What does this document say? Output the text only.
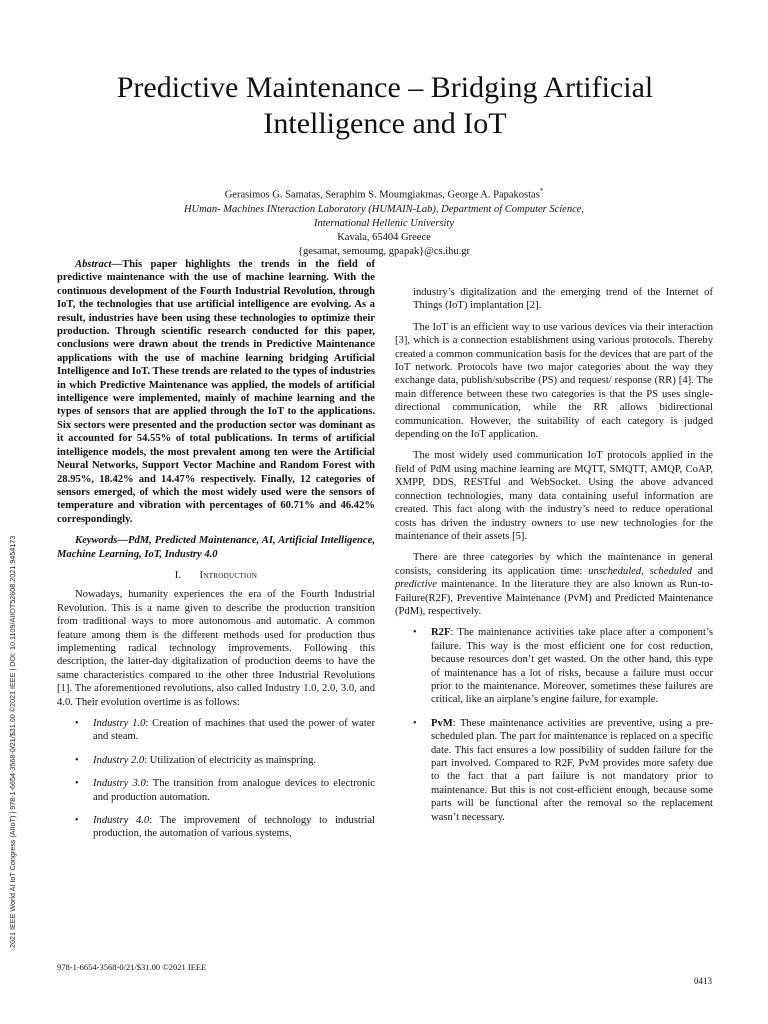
Predictive Maintenance – Bridging Artificial Intelligence and IoT
Gerasimos G. Samatas, Seraphim S. Moumgiakmas, George A. Papakostas*
HUman- Machines INteraction Laboratory (HUMAIN-Lab), Department of Computer Science,
International Hellenic University
Kavala, 65404 Greece
{gesamat, semoumg, gpapak}@cs.ihu.gr
2021 IEEE World AI IoT Congress (AIIoT) | 978-1-6654-3568-0/21/$31.00 ©2021 IEEE | DOI: 10.1109/AIIOT52608.2021.9454173

Abstract—This paper highlights the trends in the field of predictive maintenance with the use of machine learning. With the continuous development of the Fourth Industrial Revolution, through IoT, the technologies that use artificial intelligence are evolving. As a result, industries have been using these technologies to optimize their production. Through scientific research conducted for this paper, conclusions were drawn about the trends in Predictive Maintenance applications with the use of machine learning bridging Artificial Intelligence and IoT. These trends are related to the types of industries in which Predictive Maintenance was applied, the models of artificial intelligence were implemented, mainly of machine learning and the types of sensors that are applied through the IoT to the applications. Six sectors were presented and the production sector was dominant as it accounted for 54.55% of total publications. In terms of artificial intelligence models, the most prevalent among ten were the Artificial Neural Networks, Support Vector Machine and Random Forest with 28.95%, 18.42% and 14.47% respectively. Finally, 12 categories of sensors emerged, of which the most widely used were the sensors of temperature and vibration with percentages of 60.71% and 46.42% correspondingly.

Keywords—PdM, Predicted Maintenance, AI, Artificial Intelligence, Machine Learning, IoT, Industry 4.0

I. Introduction

Nowadays, humanity experiences the era of the Fourth Industrial Revolution. This is a name given to describe the production transition from traditional ways to more autonomous and automatic. A common feature among them is the different methods used for production thus implementing radical technology improvements. Following this description, the latter-day digitalization of production deems to have the same characteristics compared to the other three Industrial Revolutions [1]. The aforementioned revolutions, also called Industry 1.0, 2.0, 3.0, and 4.0. Their evolution overtime is as follows:

• Industry 1.0: Creation of machines that used the power of water and steam.
• Industry 2.0: Utilization of electricity as mainspring.
• Industry 3.0: The transition from analogue devices to electronic and production automation.
• Industry 4.0: The improvement of technology to industrial production, the automation of various systems,

industry’s digitalization and the emerging trend of the Internet of Things (IoT) implantation [2].

The IoT is an efficient way to use various devices via their interaction [3], which is a connection establishment using various protocols. Thereby created a common communication basis for the devices that are part of the IoT network. Protocols have two major categories about the way they exchange data, publish/subscribe (PS) and request/ response (RR) [4]. The main difference between these two categories is that the PS uses single-directional communication, while the RR allows bidirectional communication. However, the suitability of each category is judged depending on the IoT application.

The most widely used communication IoT protocols applied in the field of PdM using machine learning are MQTT, SMQTT, AMQP, CoAP, XMPP, DDS, RESTful and WebSocket. Using the above advanced connection technologies, many data containing useful information are created. This fact along with the industry’s need to reduce operational costs has driven the industry owners to use new technologies for the maintenance of their assets [5].

There are three categories by which the maintenance in general consists, considering its application time: unscheduled, scheduled and predictive maintenance. In the literature they are also known as Run-to-Failure(R2F), Preventive Maintenance (PvM) and Predicted Maintenance (PdM), respectively.

• R2F: The maintenance activities take place after a component’s failure. This way is the most efficient one for cost reduction, because resources don’t get wasted. On the other hand, this type of maintenance has a lot of risks, because a failure must occur prior to the maintenance. Moreover, sometimes these failures are critical, like an airplane’s engine failure, for example.
• PvM: These maintenance activities are preventive, using a pre-scheduled plan. The part for maintenance is replaced on a specific date. This fact ensures a low possibility of sudden failure for the part involved. Compared to R2F, PvM provides more safety due to the fact that a part failure is not mandatory prior to maintenance. But this is not cost-efficient enough, because some parts will be functional after the removal so the replacement wasn’t necessary.
978-1-6654-3568-0/21/$31.00 ©2021 IEEE
0413
